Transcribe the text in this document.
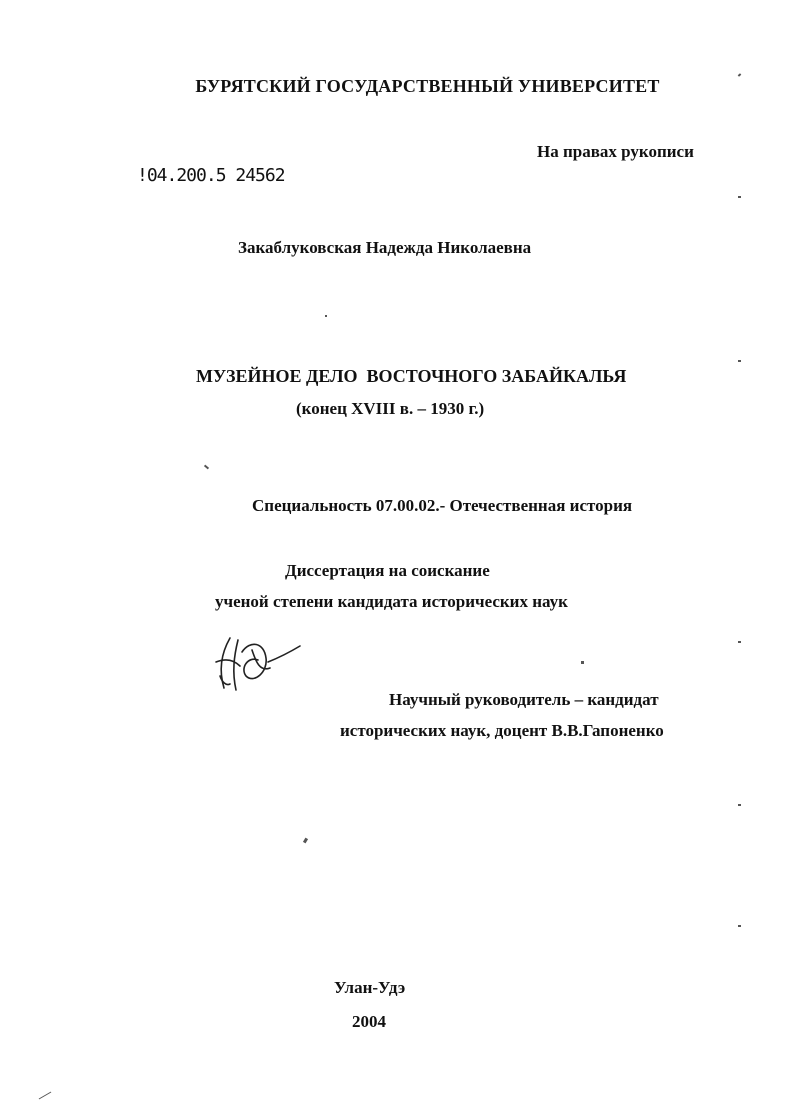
БУРЯТСКИЙ ГОСУДАРСТВЕННЫЙ УНИВЕРСИТЕТ
На правах рукописи
!04.200.5 24562
Закаблуковская Надежда Николаевна
МУЗЕЙНОЕ ДЕЛО  ВОСТОЧНОГО ЗАБАЙКАЛЬЯ
(конец XVIII в. – 1930 г.)
Специальность 07.00.02.- Отечественная история
Диссертация на соискание
ученой степени кандидата исторических наук
Научный руководитель – кандидат
исторических наук, доцент В.В.Гапоненко
Улан-Удэ
2004
